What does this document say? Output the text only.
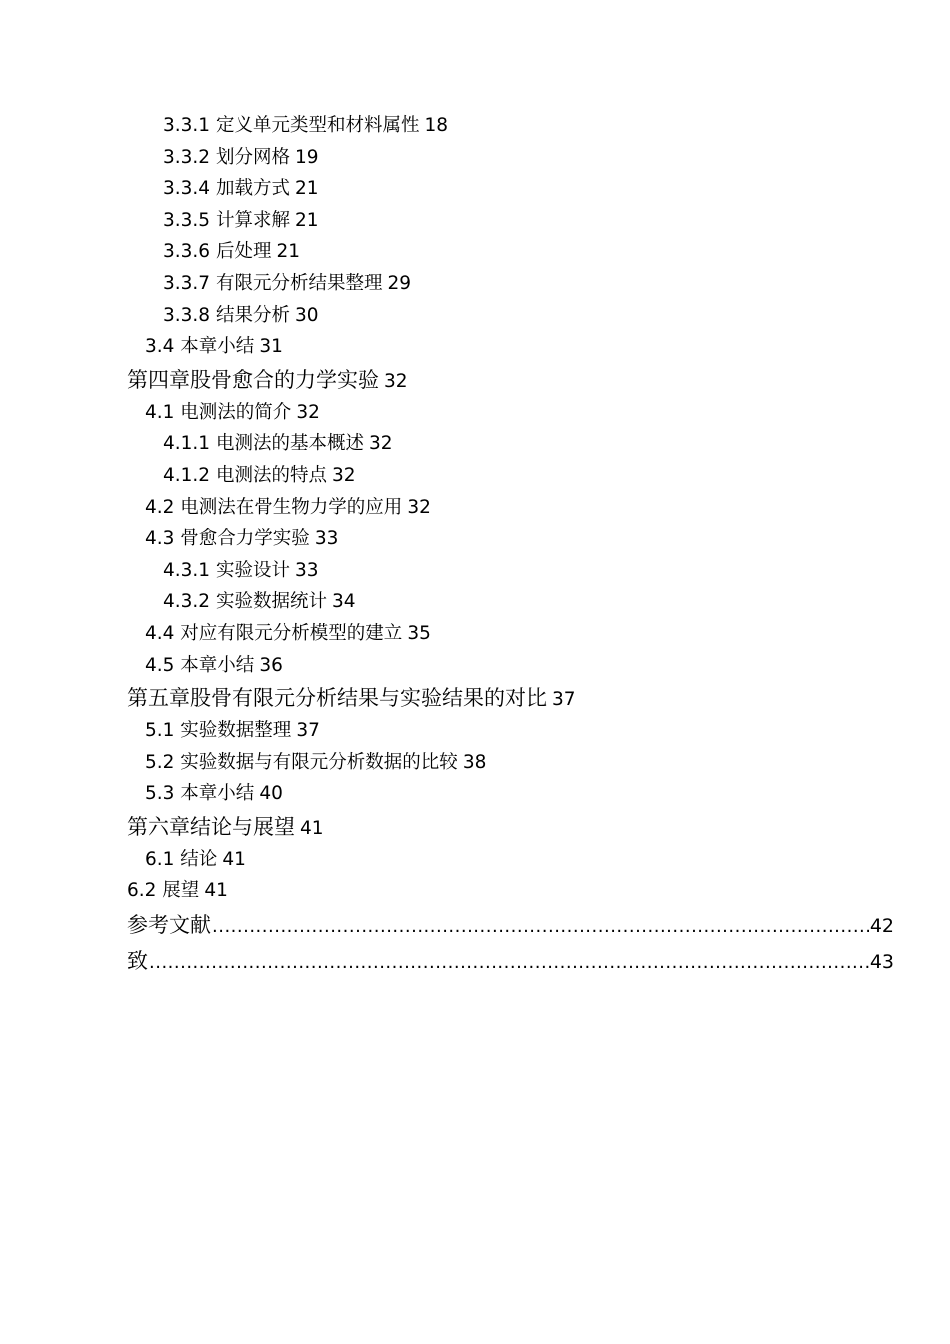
3.3.1 定义单元类型和材料属性 18
3.3.2 划分网格 19
3.3.4 加载方式 21
3.3.5 计算求解 21
3.3.6 后处理 21
3.3.7 有限元分析结果整理 29
3.3.8 结果分析 30
3.4 本章小结 31
第四章股骨愈合的力学实验 32
4.1 电测法的简介 32
4.1.1 电测法的基本概述 32
4.1.2 电测法的特点 32
4.2 电测法在骨生物力学的应用 32
4.3 骨愈合力学实验 33
4.3.1 实验设计 33
4.3.2 实验数据统计 34
4.4 对应有限元分析模型的建立 35
4.5 本章小结 36
第五章股骨有限元分析结果与实验结果的对比 37
5.1 实验数据整理 37
5.2 实验数据与有限元分析数据的比较 38
5.3 本章小结 40
第六章结论与展望 41
6.1 结论 41
6.2 展望 41
参考文献 .....	42
致 .....	43
